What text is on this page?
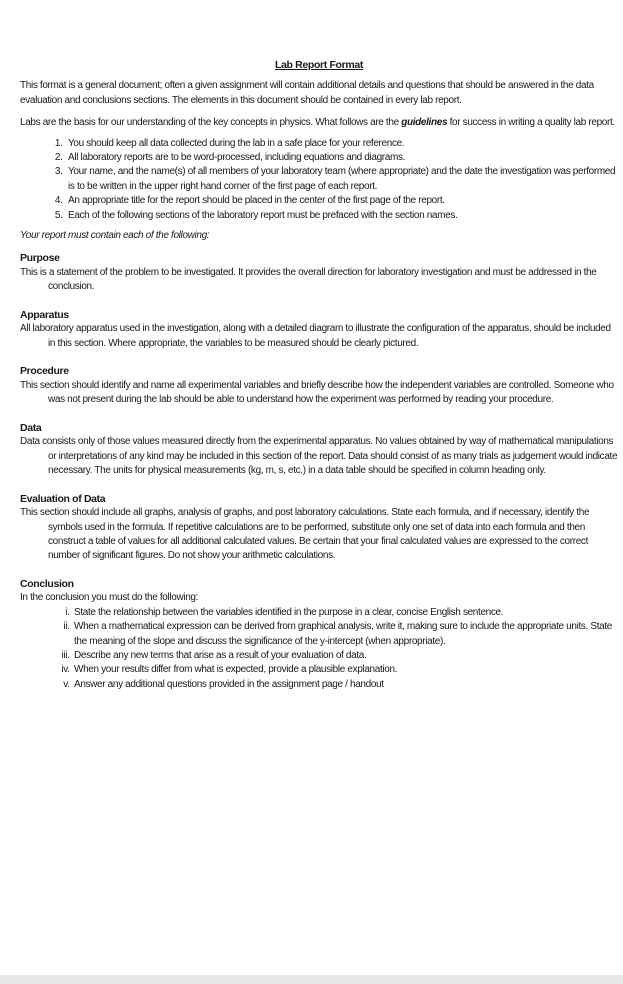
Lab Report Format

This format is a general document; often a given assignment will contain additional details and questions that should be answered in the data evaluation and conclusions sections. The elements in this document should be contained in every lab report.

Labs are the basis for our understanding of the key concepts in physics. What follows are the guidelines for success in writing a quality lab report.

1. You should keep all data collected during the lab in a safe place for your reference.
2. All laboratory reports are to be word-processed, including equations and diagrams.
3. Your name, and the name(s) of all members of your laboratory team (where appropriate) and the date the investigation was performed is to be written in the upper right hand corner of the first page of each report.
4. An appropriate title for the report should be placed in the center of the first page of the report.
5. Each of the following sections of the laboratory report must be prefaced with the section names.

Your report must contain each of the following:

Purpose

This is a statement of the problem to be investigated. It provides the overall direction for laboratory investigation and must be addressed in the conclusion.

Apparatus

All laboratory apparatus used in the investigation, along with a detailed diagram to illustrate the configuration of the apparatus, should be included in this section. Where appropriate, the variables to be measured should be clearly pictured.

Procedure

This section should identify and name all experimental variables and briefly describe how the independent variables are controlled. Someone who was not present during the lab should be able to understand how the experiment was performed by reading your procedure.

Data

Data consists only of those values measured directly from the experimental apparatus. No values obtained by way of mathematical manipulations or interpretations of any kind may be included in this section of the report. Data should consist of as many trials as judgement would indicate necessary. The units for physical measurements (kg, m, s, etc.) in a data table should be specified in column heading only.

Evaluation of Data

This section should include all graphs, analysis of graphs, and post laboratory calculations. State each formula, and if necessary, identify the symbols used in the formula. If repetitive calculations are to be performed, substitute only one set of data into each formula and then construct a table of values for all additional calculated values. Be certain that your final calculated values are expressed to the correct number of significant figures. Do not show your arithmetic calculations.

Conclusion

In the conclusion you must do the following:

i. State the relationship between the variables identified in the purpose in a clear, concise English sentence.
ii. When a mathematical expression can be derived from graphical analysis, write it, making sure to include the appropriate units. State the meaning of the slope and discuss the significance of the y-intercept (when appropriate).
iii. Describe any new terms that arise as a result of your evaluation of data.
iv. When your results differ from what is expected, provide a plausible explanation.
v. Answer any additional questions provided in the assignment page / handout
